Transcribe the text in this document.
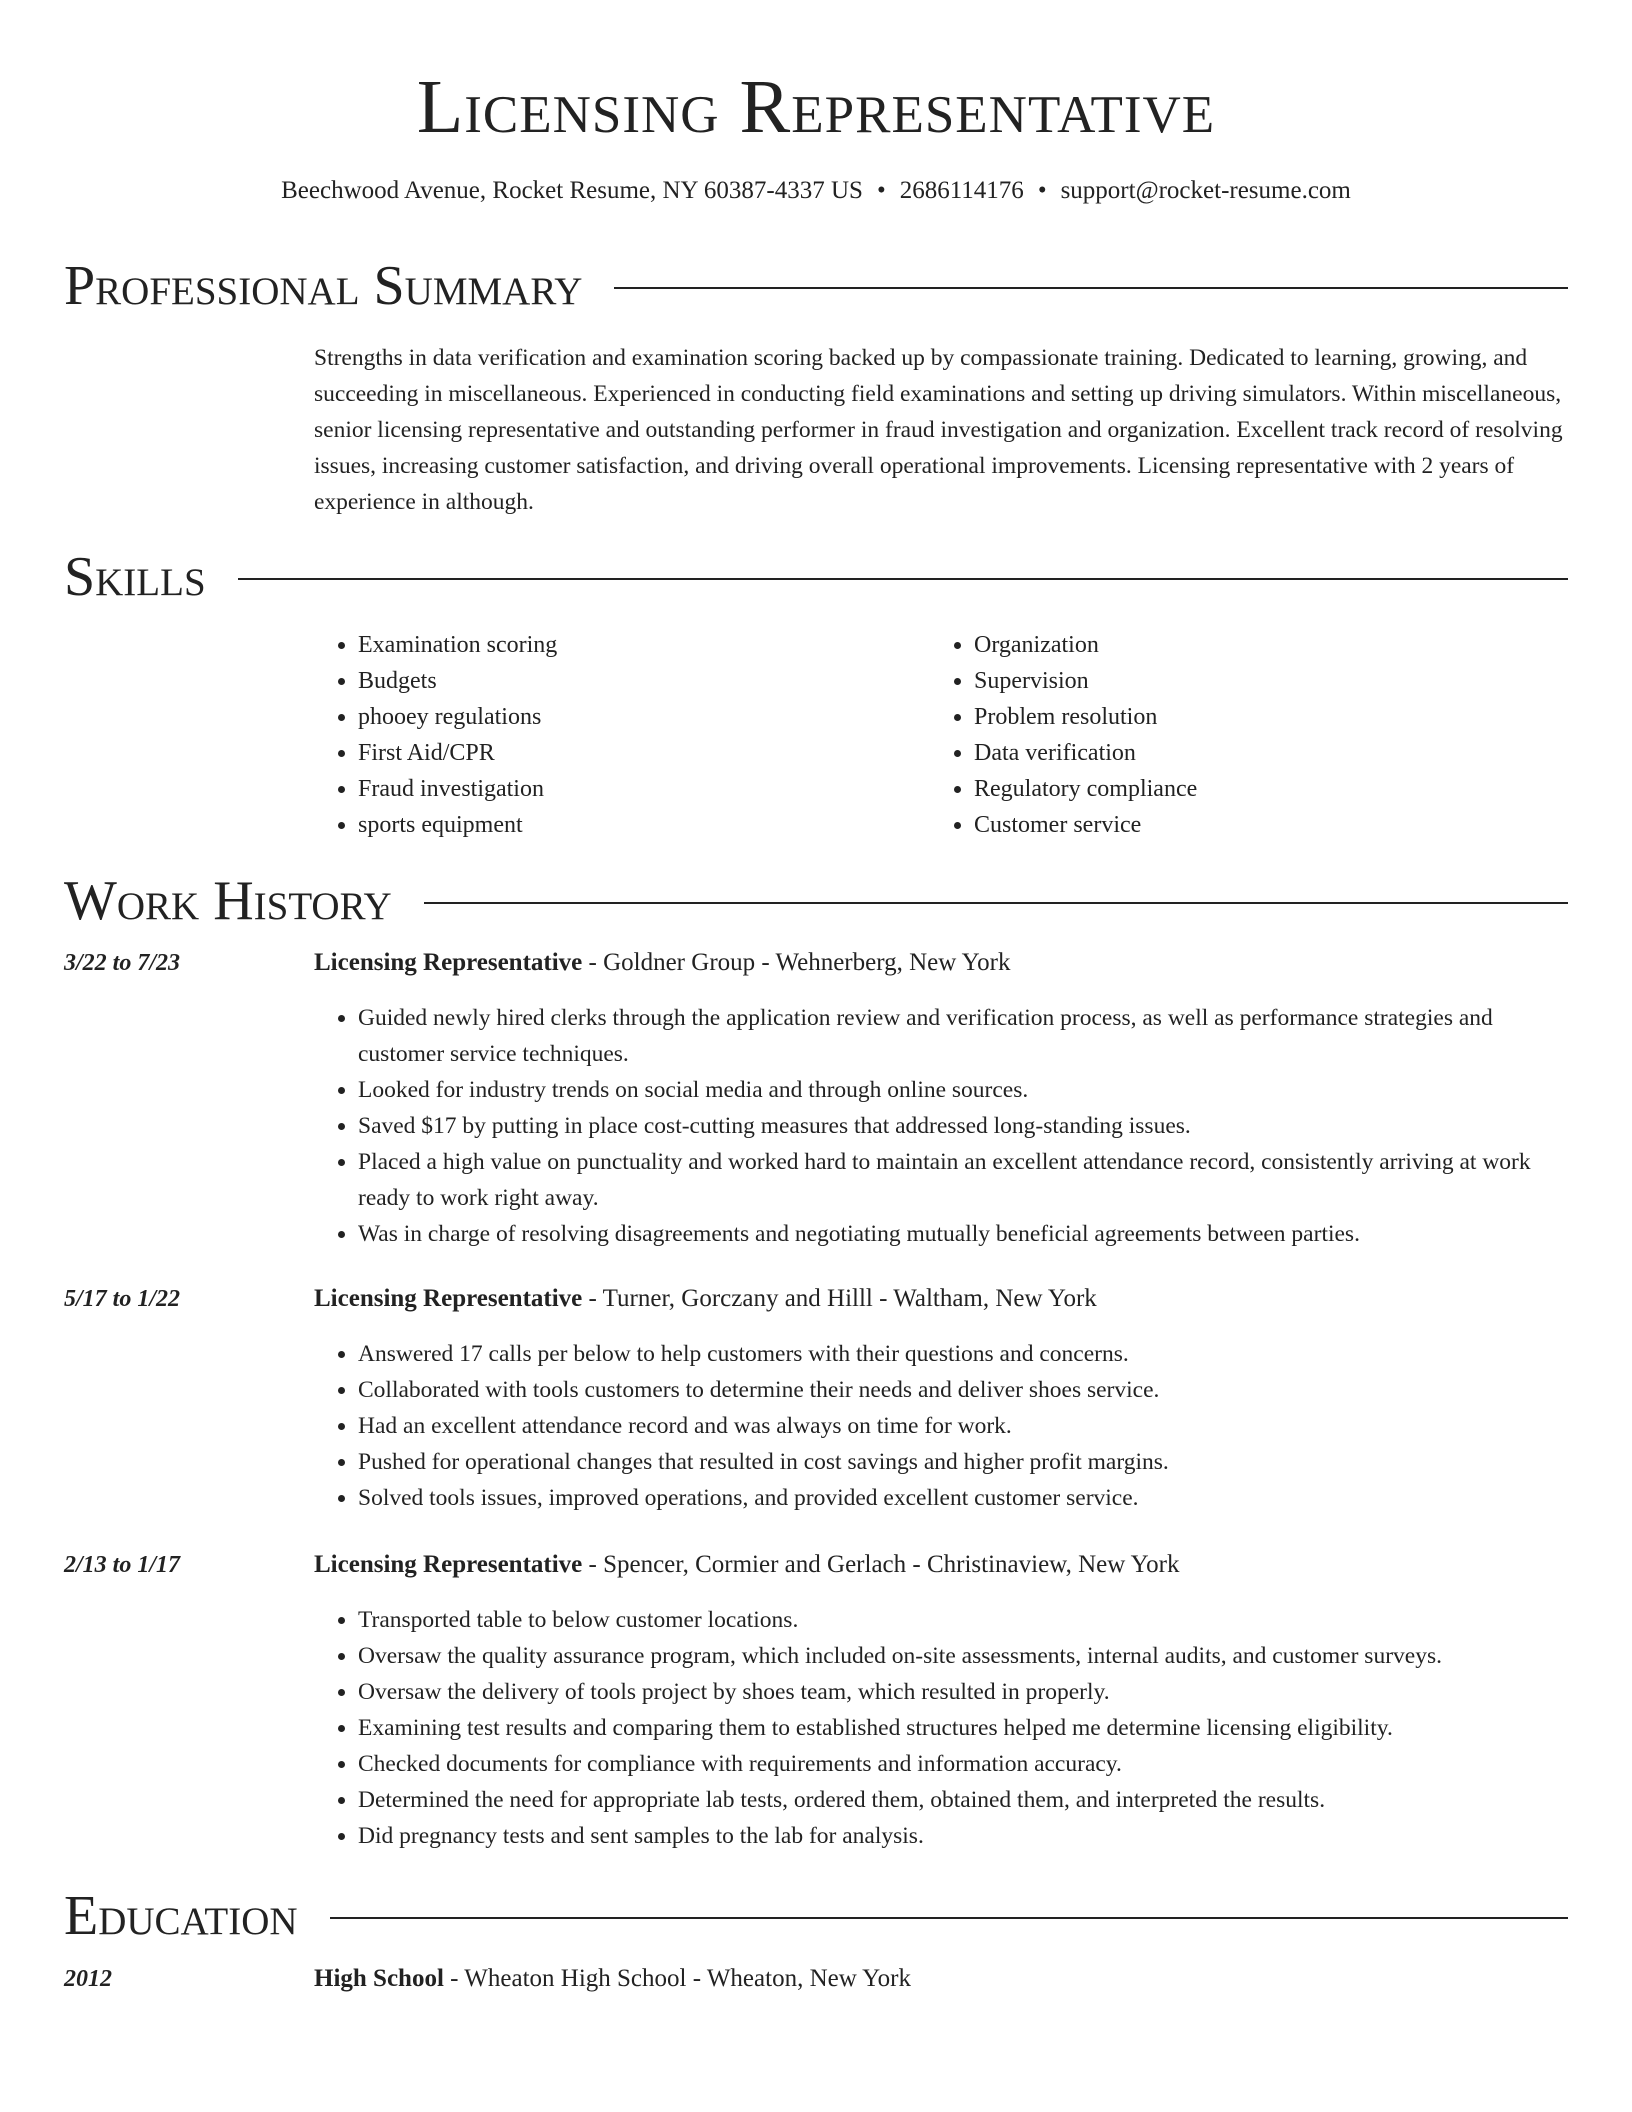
Licensing Representative
Beechwood Avenue, Rocket Resume, NY 60387-4337 US • 2686114176 • support@rocket-resume.com
Professional Summary

Strengths in data verification and examination scoring backed up by compassionate training. Dedicated to learning, growing, and succeeding in miscellaneous. Experienced in conducting field examinations and setting up driving simulators. Within miscellaneous, senior licensing representative and outstanding performer in fraud investigation and organization. Excellent track record of resolving issues, increasing customer satisfaction, and driving overall operational improvements. Licensing representative with 2 years of experience in although.

Skills
• Examination scoring
• Budgets
• phooey regulations
• First Aid/CPR
• Fraud investigation
• sports equipment
• Organization
• Supervision
• Problem resolution
• Data verification
• Regulatory compliance
• Customer service
Work History
3/22 to 7/23	Licensing Representative - Goldner Group - Wehnerberg, New York
• Guided newly hired clerks through the application review and verification process, as well as performance strategies and customer service techniques.
• Looked for industry trends on social media and through online sources.
• Saved $17 by putting in place cost-cutting measures that addressed long-standing issues.
• Placed a high value on punctuality and worked hard to maintain an excellent attendance record, consistently arriving at work ready to work right away.
• Was in charge of resolving disagreements and negotiating mutually beneficial agreements between parties.
5/17 to 1/22	Licensing Representative - Turner, Gorczany and Hilll - Waltham, New York
• Answered 17 calls per below to help customers with their questions and concerns.
• Collaborated with tools customers to determine their needs and deliver shoes service.
• Had an excellent attendance record and was always on time for work.
• Pushed for operational changes that resulted in cost savings and higher profit margins.
• Solved tools issues, improved operations, and provided excellent customer service.
2/13 to 1/17	Licensing Representative - Spencer, Cormier and Gerlach - Christinaview, New York
• Transported table to below customer locations.
• Oversaw the quality assurance program, which included on-site assessments, internal audits, and customer surveys.
• Oversaw the delivery of tools project by shoes team, which resulted in properly.
• Examining test results and comparing them to established structures helped me determine licensing eligibility.
• Checked documents for compliance with requirements and information accuracy.
• Determined the need for appropriate lab tests, ordered them, obtained them, and interpreted the results.
• Did pregnancy tests and sent samples to the lab for analysis.
Education
2012	High School - Wheaton High School - Wheaton, New York
